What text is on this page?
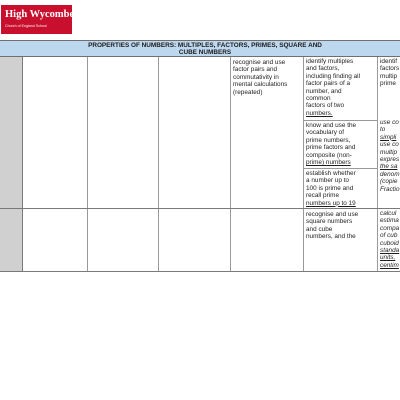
High Wycombe
Church of England School
PROPERTIES OF NUMBERS: MULTIPLES, FACTORS, PRIMES, SQUARE AND
CUBE NUMBERS
recognise and use
factor pairs and
commutativity in
mental calculations
(repeated)
identify multiples
and factors,
including finding all
factor pairs of a
number, and
common
factors of two
numbers.
identif
factors
multip
prime
know and use the
vocabulary of
prime numbers,
prime factors and
composite (non-
prime) numbers
use co
to
simpli
use co
multip
expres
the sa
denom
(copie
Fractio
establish whether
a number up to
100 is prime and
recall prime
numbers up to 19
recognise and use
square numbers
and cube
numbers, and the
calcul
estima
compa
of cub
cuboid
standa
units,
centim
